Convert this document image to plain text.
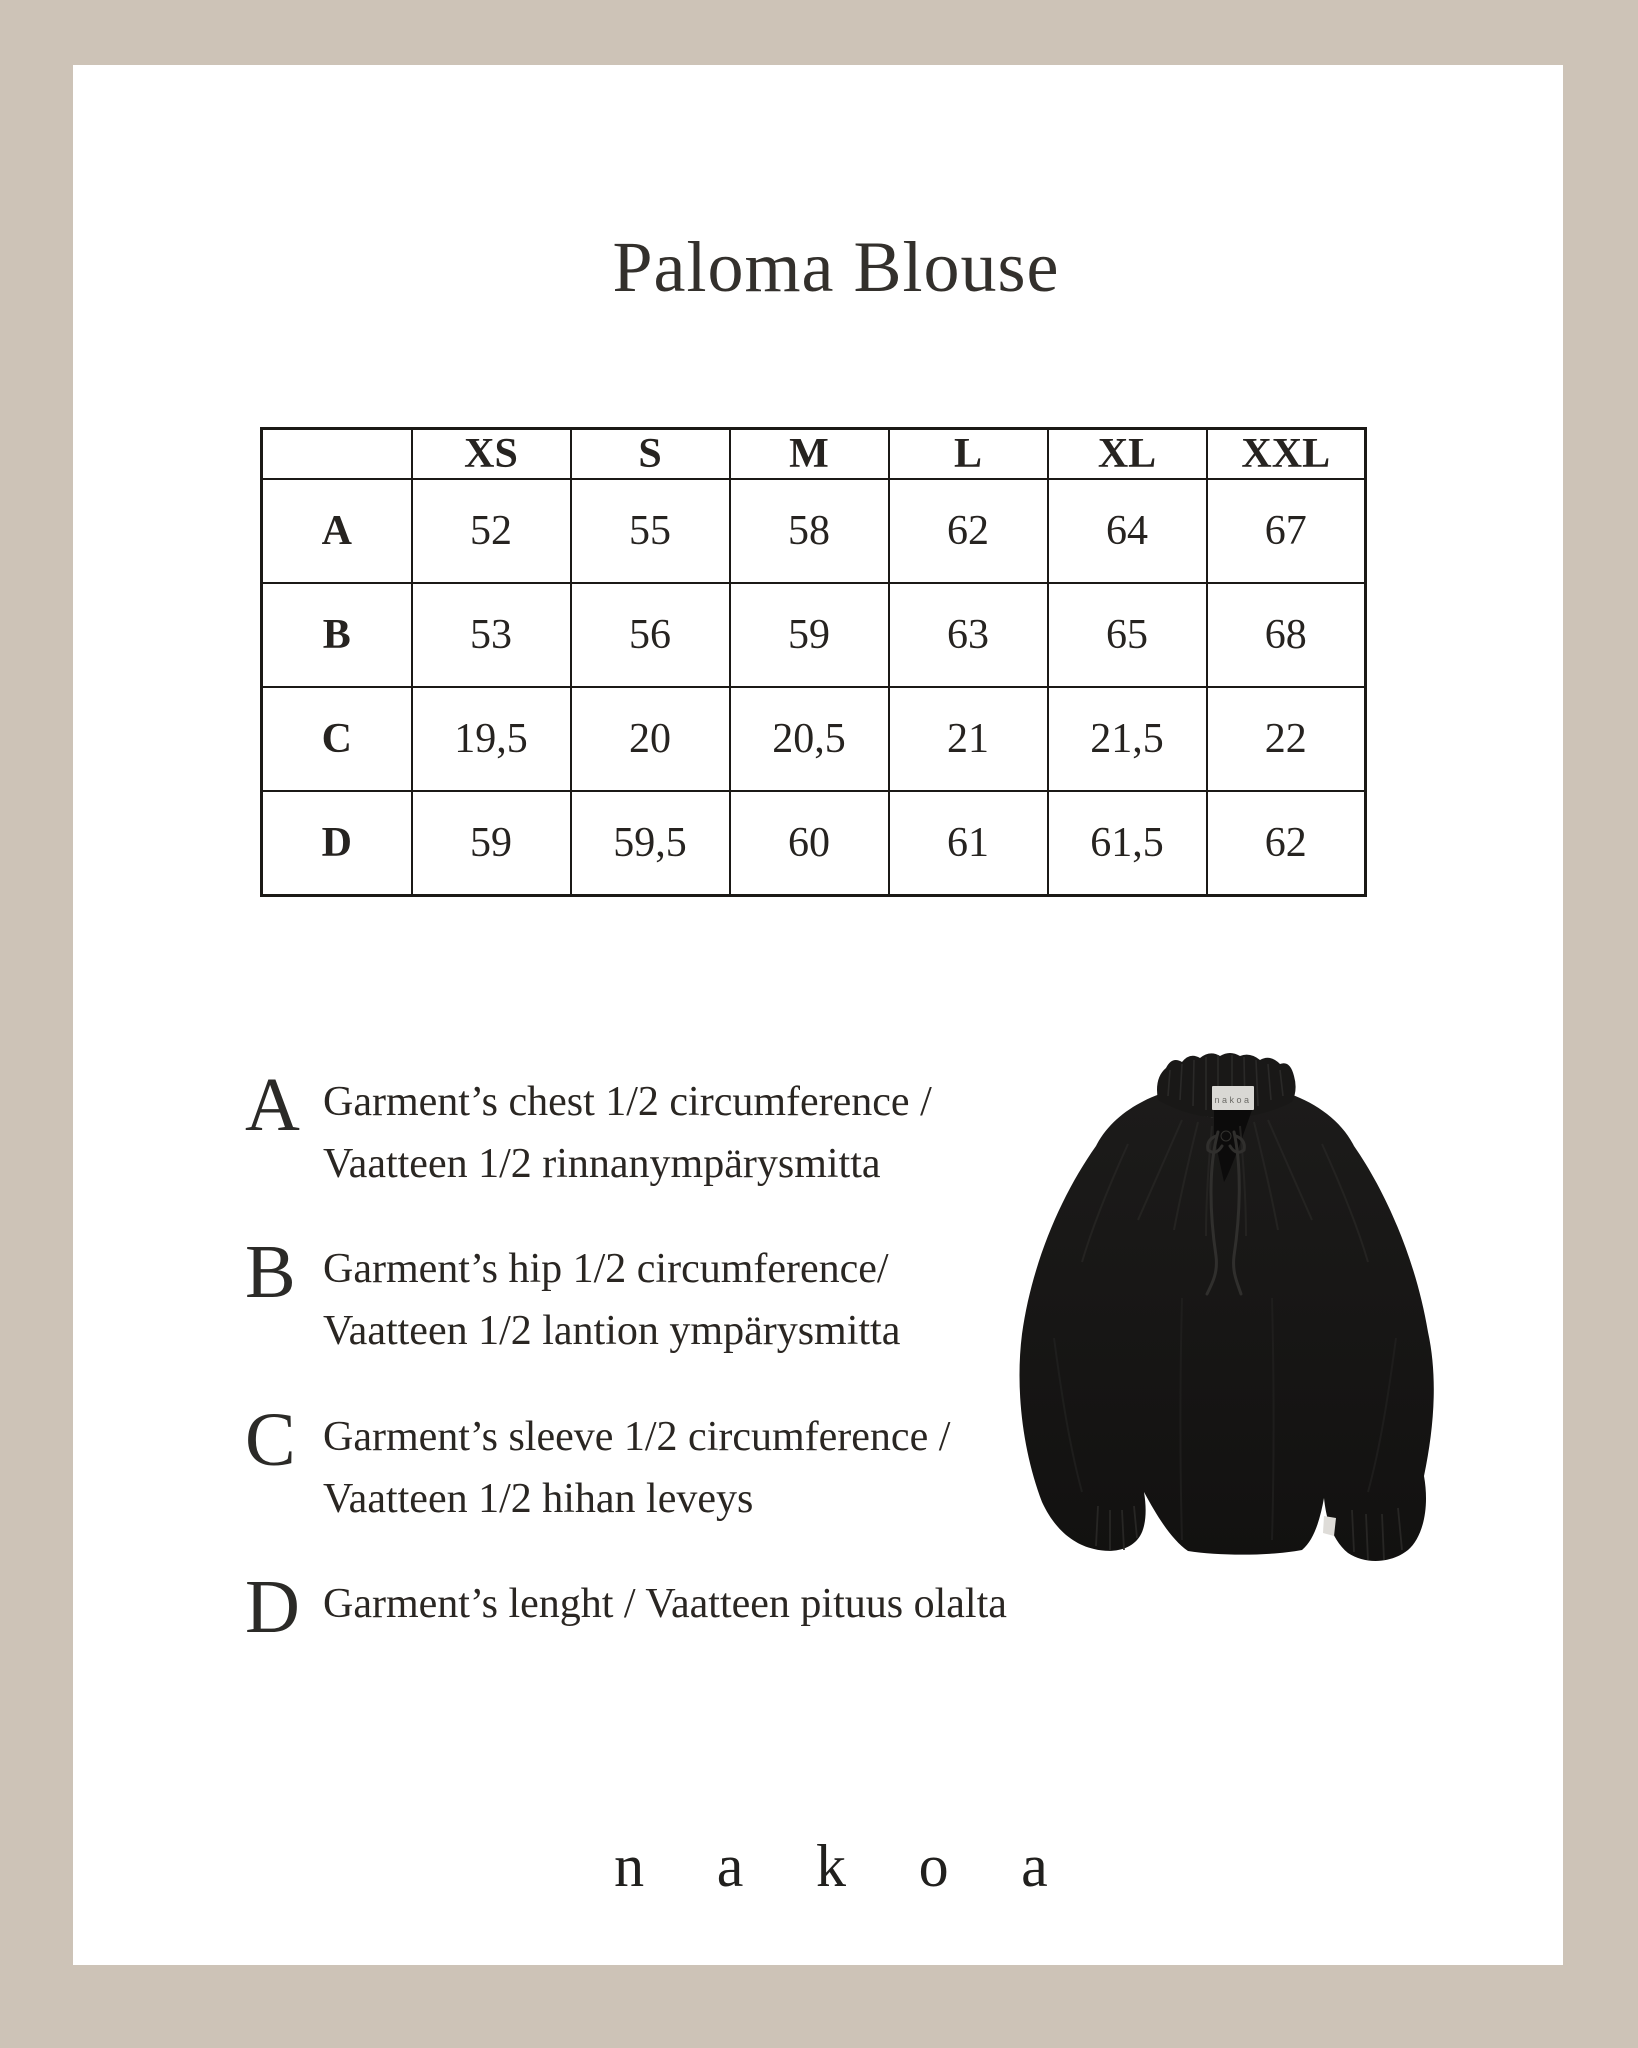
Paloma Blouse
	XS	S	M	L	XL	XXL
A	52	55	58	62	64	67
B	53	56	59	63	65	68
C	19,5	20	20,5	21	21,5	22
D	59	59,5	60	61	61,5	62
A Garment’s chest 1/2 circumference /
Vaatteen 1/2 rinnanympärysmitta
B Garment’s hip 1/2 circumference/
Vaatteen 1/2 lantion ympärysmitta
C Garment’s sleeve 1/2 circumference /
Vaatteen 1/2 hihan leveys
D Garment’s lenght / Vaatteen pituus olalta
nakoa
n a k o a
